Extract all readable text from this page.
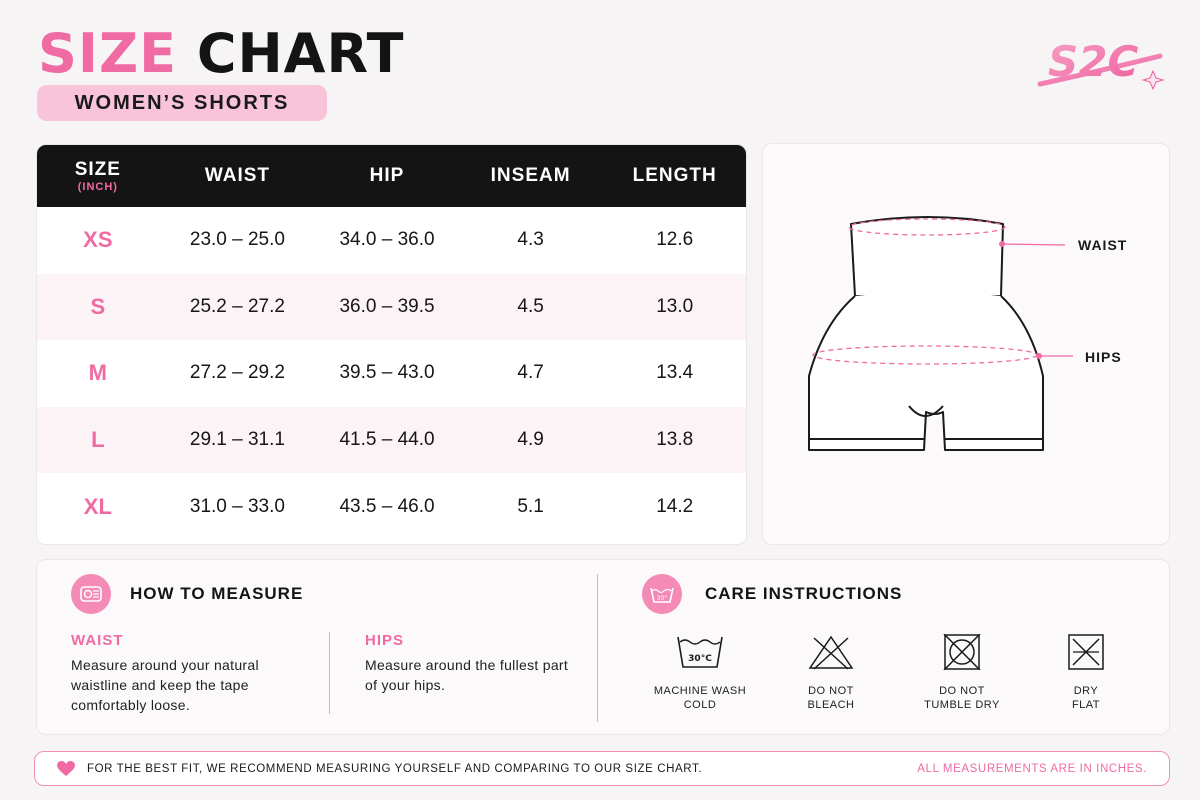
SIZE CHART
WOMEN’S SHORTS
S2C
SIZE
(INCH)
WAIST	HIP	INSEAM	LENGTH
XS	23.0 – 25.0	34.0 – 36.0	4.3	12.6
S	25.2 – 27.2	36.0 – 39.5	4.5	13.0
M	27.2 – 29.2	39.5 – 43.0	4.7	13.4
L	29.1 – 31.1	41.5 – 44.0	4.9	13.8
XL	31.0 – 33.0	43.5 – 46.0	5.1	14.2
WAIST
HIPS
HOW TO MEASURE
WAIST
Measure around your natural waistline and keep the tape comfortably loose.
HIPS
Measure around the fullest part of your hips.
30° CARE INSTRUCTIONS
30°C
MACHINE WASH
COLD
DO NOT
BLEACH
DO NOT
TUMBLE DRY
DRY
FLAT
FOR THE BEST FIT, WE RECOMMEND MEASURING YOURSELF AND COMPARING TO OUR SIZE CHART.	ALL MEASUREMENTS ARE IN INCHES.
